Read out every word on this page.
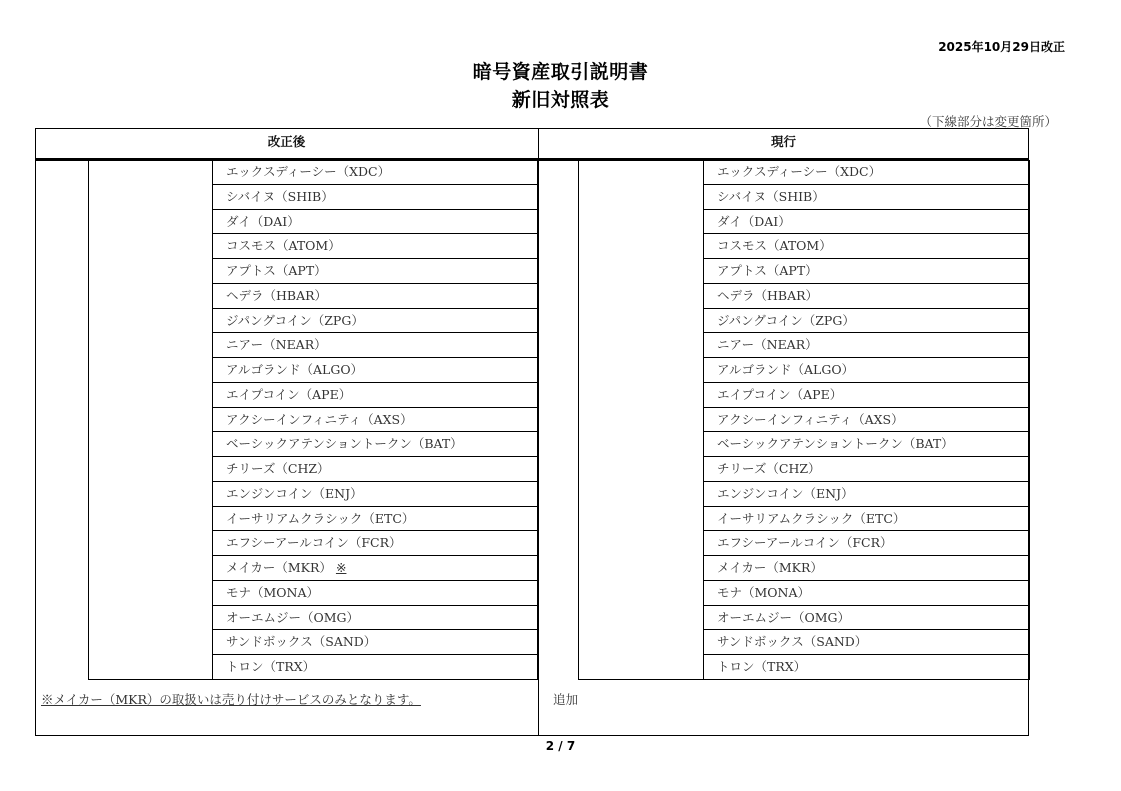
2025年10月29日改正
暗号資産取引説明書
新旧対照表
（下線部分は変更箇所）
改正後	現行
エックスディーシー（XDC）
シバイヌ（SHIB）
ダイ（DAI）
コスモス（ATOM）
アプトス（APT）
ヘデラ（HBAR）
ジパングコイン（ZPG）
ニアー（NEAR）
アルゴランド（ALGO）
エイプコイン（APE）
アクシーインフィニティ（AXS）
ベーシックアテンショントークン（BAT）
チリーズ（CHZ）
エンジンコイン（ENJ）
イーサリアムクラシック（ETC）
エフシーアールコイン（FCR）
メイカー（MKR） ※
モナ（MONA）
オーエムジー（OMG）
サンドボックス（SAND）
トロン（TRX）
エックスディーシー（XDC）
シバイヌ（SHIB）
ダイ（DAI）
コスモス（ATOM）
アプトス（APT）
ヘデラ（HBAR）
ジパングコイン（ZPG）
ニアー（NEAR）
アルゴランド（ALGO）
エイプコイン（APE）
アクシーインフィニティ（AXS）
ベーシックアテンショントークン（BAT）
チリーズ（CHZ）
エンジンコイン（ENJ）
イーサリアムクラシック（ETC）
エフシーアールコイン（FCR）
メイカー（MKR）
モナ（MONA）
オーエムジー（OMG）
サンドボックス（SAND）
トロン（TRX）
※メイカー（MKR）の取扱いは売り付けサービスのみとなります。	追加
2 / 7
